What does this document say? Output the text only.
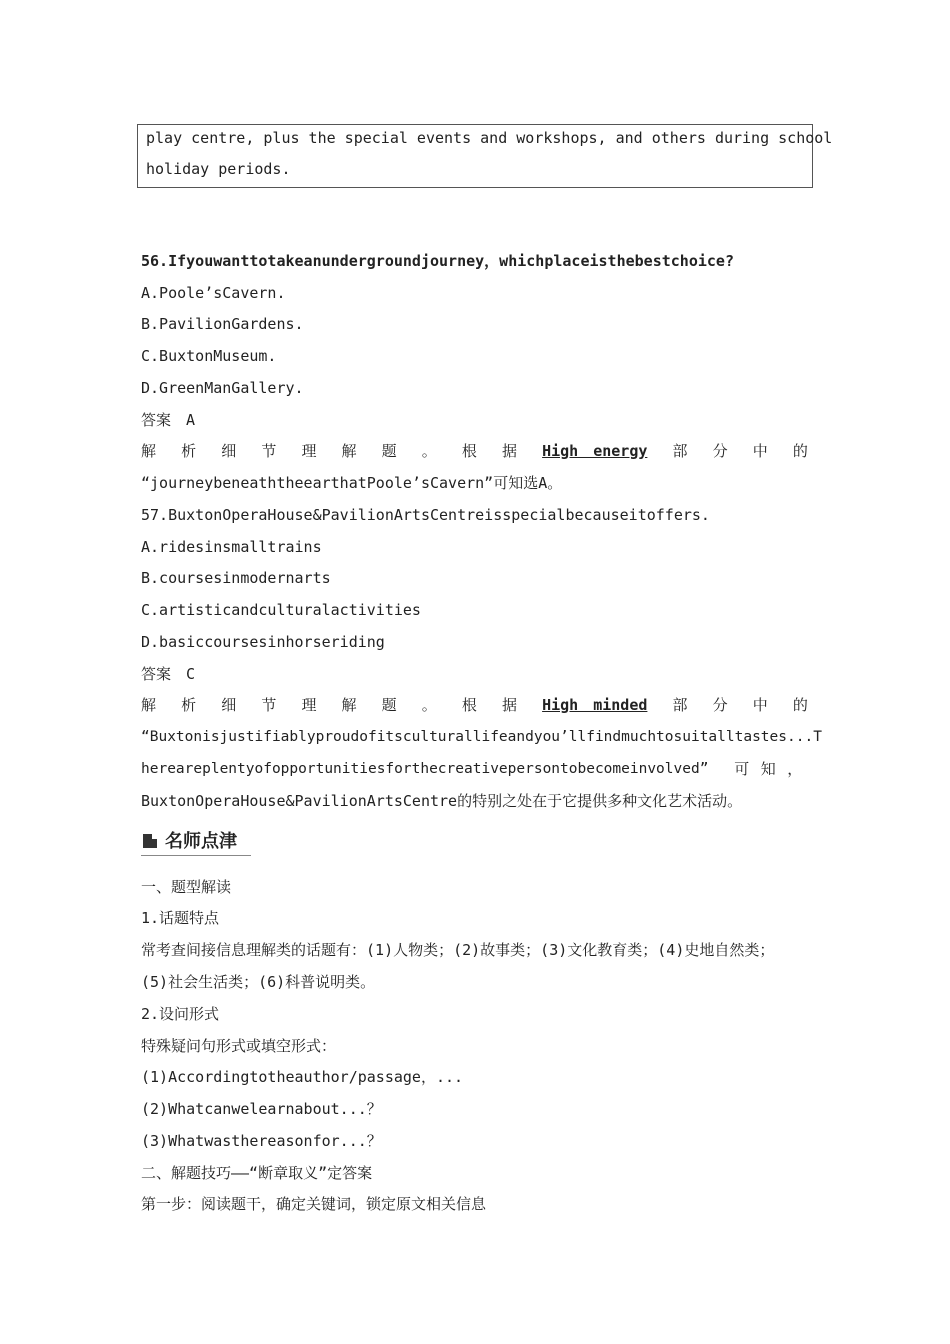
play centre, plus the special events and workshops, and others during school
holiday periods.
56.Ifyouwanttotakeanundergroundjourney，whichplaceisthebestchoice?
A.Poole’sCavern.
B.PavilionGardens.
C.BuxtonMuseum.
D.GreenManGallery.
答案　A
解 析 细 节 理 解 题 。 根 据 High　energy 部 分 中 的
“journeybeneaththeearthatPoole’sCavern”可知选A。
57.BuxtonOperaHouse&PavilionArtsCentreisspecialbecauseitoffers.
A.ridesinsmalltrains
B.coursesinmodernarts
C.artisticandculturalactivities
D.basiccoursesinhorseriding
答案　C
解 析 细 节 理 解 题 。 根 据 High　minded 部 分 中 的
“Buxtonisjustifiablyproudofitsculturallifeandyou’llfindmuchtosuitalltastes...T
hereareplentyofopportunitiesforthecreativepersontobecomeinvolved” 可 知 ，
BuxtonOperaHouse&PavilionArtsCentre的特别之处在于它提供多种文化艺术活动。
名师点津
一、题型解读
1.话题特点
常考查间接信息理解类的话题有：(1)人物类；(2)故事类；(3)文化教育类；(4)史地自然类；
(5)社会生活类；(6)科普说明类。
2.设问形式
特殊疑问句形式或填空形式：
(1)Accordingtotheauthor/passage，...
(2)Whatcanwelearnabout...？
(3)Whatwasthereasonfor...？
二、解题技巧——“断章取义”定答案
第一步：阅读题干，确定关键词，锁定原文相关信息
